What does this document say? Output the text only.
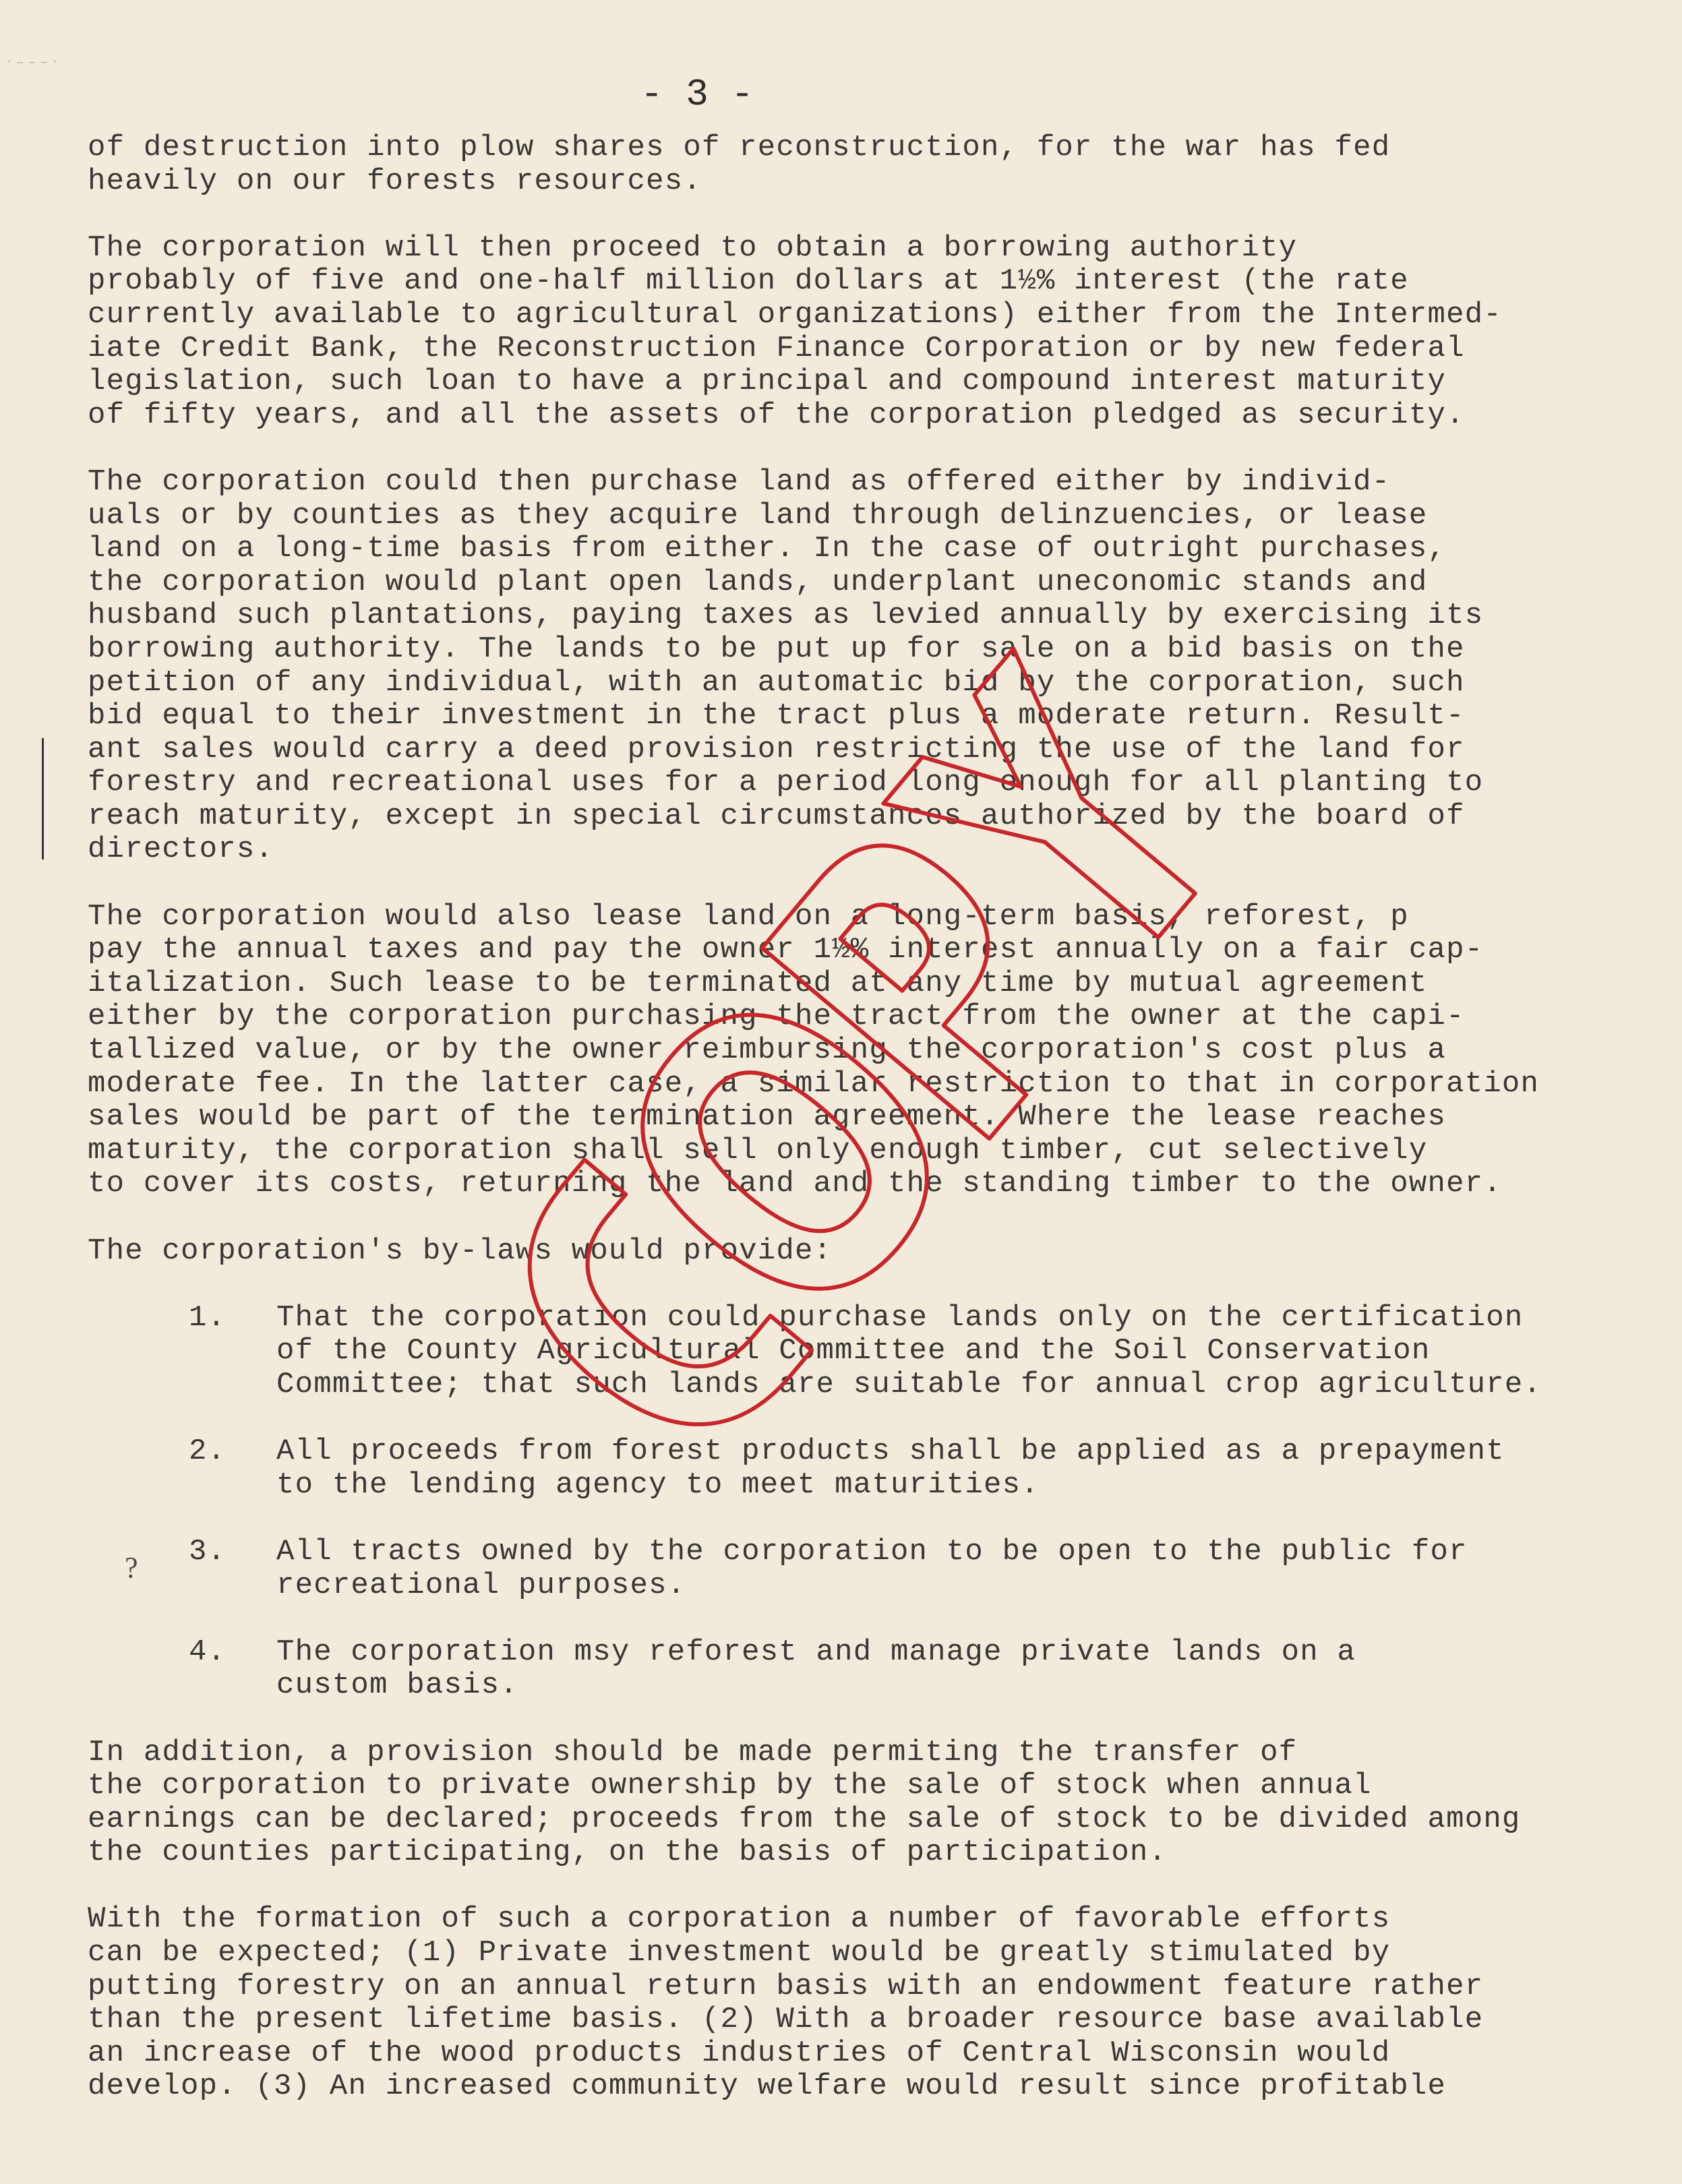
· – – – ·
- 3 -
?

of destruction into plow shares of reconstruction, for the war has fed
heavily on our forests resources.

The corporation will then proceed to obtain a borrowing authority
probably of five and one-half million dollars at 1½% interest (the rate
currently available to agricultural organizations) either from the Intermed-
iate Credit Bank, the Reconstruction Finance Corporation or by new federal
legislation, such loan to have a principal and compound interest maturity
of fifty years, and all the assets of the corporation pledged as security.

The corporation could then purchase land as offered either by individ-
uals or by counties as they acquire land through delinzuencies, or lease
land on a long-time basis from either. In the case of outright purchases,
the corporation would plant open lands, underplant uneconomic stands and
husband such plantations, paying taxes as levied annually by exercising its
borrowing authority. The lands to be put up for sale on a bid basis on the
petition of any individual, with an automatic bid by the corporation, such
bid equal to their investment in the tract plus a moderate return. Result-
ant sales would carry a deed provision restricting the use of the land for
forestry and recreational uses for a period long enough for all planting to
reach maturity, except in special circumstances authorized by the board of
directors.

The corporation would also lease land on a long-term basis, reforest, p
pay the annual taxes and pay the owner 1½% interest annually on a fair cap-
italization. Such lease to be terminated at any time by mutual agreement
either by the corporation purchasing the tract from the owner at the capi-
tallized value, or by the owner reimbursing the corporation's cost plus a
moderate fee. In the latter case, a similar restriction to that in corporation
sales would be part of the termination agreement. Where the lease reaches
maturity, the corporation shall sell only enough timber, cut selectively
to cover its costs, returning the land and the standing timber to the owner.

The corporation's by-laws would provide:

1.	That the corporation could purchase lands only on the certification
of the County Agricultural Committee and the Soil Conservation
Committee; that such lands are suitable for annual crop agriculture.
2.	All proceeds from forest products shall be applied as a prepayment
to the lending agency to meet maturities.
3.	All tracts owned by the corporation to be open to the public for
recreational purposes.
4.	The corporation msy reforest and manage private lands on a
custom basis.

In addition, a provision should be made permiting the transfer of
the corporation to private ownership by the sale of stock when annual
earnings can be declared; proceeds from the sale of stock to be divided among
the counties participating, on the basis of participation.

With the formation of such a corporation a number of favorable efforts
can be expected; (1) Private investment would be greatly stimulated by
putting forestry on an annual return basis with an endowment feature rather
than the present lifetime basis. (2) With a broader resource base available
an increase of the wood products industries of Central Wisconsin would
develop. (3) An increased community welfare would result since profitable
